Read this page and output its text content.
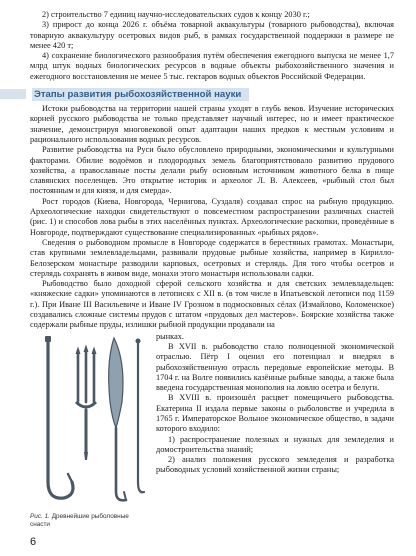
2) строительство 7 единиц научно-исследовательских судов к концу 2030 г.;

3) прирост до конца 2026 г. объёма товарной аквакультуры (товарного рыбоводства), включая товарную аквакультуру осетровых видов рыб, в рамках государственной поддержки в размере не менее 420 т;

4) сохранение биологического разнообразия путём обеспечения ежегодного выпуска не менее 1,7 млрд штук водных биологических ресурсов в водные объекты рыбохозяйственного значения и ежегодного восстановления не менее 5 тыс. гектаров водных объектов Российской Федерации.

Этапы развития рыбохозяйственной науки

Истоки рыбоводства на территории нашей страны уходят в глубь веков. Изучение исторических корней русского рыбоводства не только представляет научный интерес, но и имеет практическое значение, демонстрируя многовековой опыт адаптации наших предков к местным условиям и рационального использования водных ресурсов.

Развитие рыбоводства на Руси было обусловлено природными, экономическими и культурными факторами. Обилие водоёмов и плодородных земель благоприятствовало развитию прудового хозяйства, а православные посты делали рыбу основным источником животного белка в пище славянских поселенцев. Это открытие историк и археолог Л. В. Алексеев, «рыбный стол был постоянным и для князя, и для смерда».

Рост городов (Киева, Новгорода, Чернигова, Суздаля) создавал спрос на рыбную продукцию. Археологические находки свидетельствуют о повсеместном распространении различных снастей (рис. 1) и способов лова рыбы в этих населённых пунктах. Археологические раскопки, проведённые в Новгороде, подтверждают существование специализированных «рыбных рядов».

Сведения о рыбоводном промысле в Новгороде содержатся в берестяных грамотах. Монастыри, став крупными землевладельцами, развивали прудовые рыбные хозяйства, например в Кирилло-Белозерском монастыре разводили карповых, осетровых и стерлядь. Для того чтобы осетров и стерлядь сохранять в живом виде, монахи этого монастыря использовали садки.

Рыбоводство было доходной сферой сельского хозяйства и для светских землевладельцев: «княжеские садки» упоминаются в летописях с XII в. (в том числе в Ипатьевской летописи под 1159 г.). При Иване III Васильевиче и Иване IV Грозном в подмосковных сёлах (Измайлово, Коломенское) создавались сложные системы прудов с штатом «прудовых дел мастеров». Боярские хозяйства также содержали рыбные пруды, излишки рыбной продукции продавали на

Рис. 1. Древнейшие рыболовные снасти

рынках.

В XVII в. рыбоводство стало полноценной экономической отраслью. Пётр I оценил его потенциал и внедрял в рыбохозяйственную отрасль передовые европейские методы. В 1704 г. на Волге появились казённые рыбные заводы, а также была введена государственная монополия на ловлю осетра и белуги.

В XVIII в. произошёл расцвет помещичьего рыбоводства. Екатерина II издала первые законы о рыболовстве и учредила в 1765 г. Императорское Вольное экономическое общество, в задачи которого входило:

1) распространение полезных и нужных для земледелия и домостроительства знаний;

2) анализ положения русского земледелия и разработка рыбоводных условий хозяйственной жизни страны;

6
